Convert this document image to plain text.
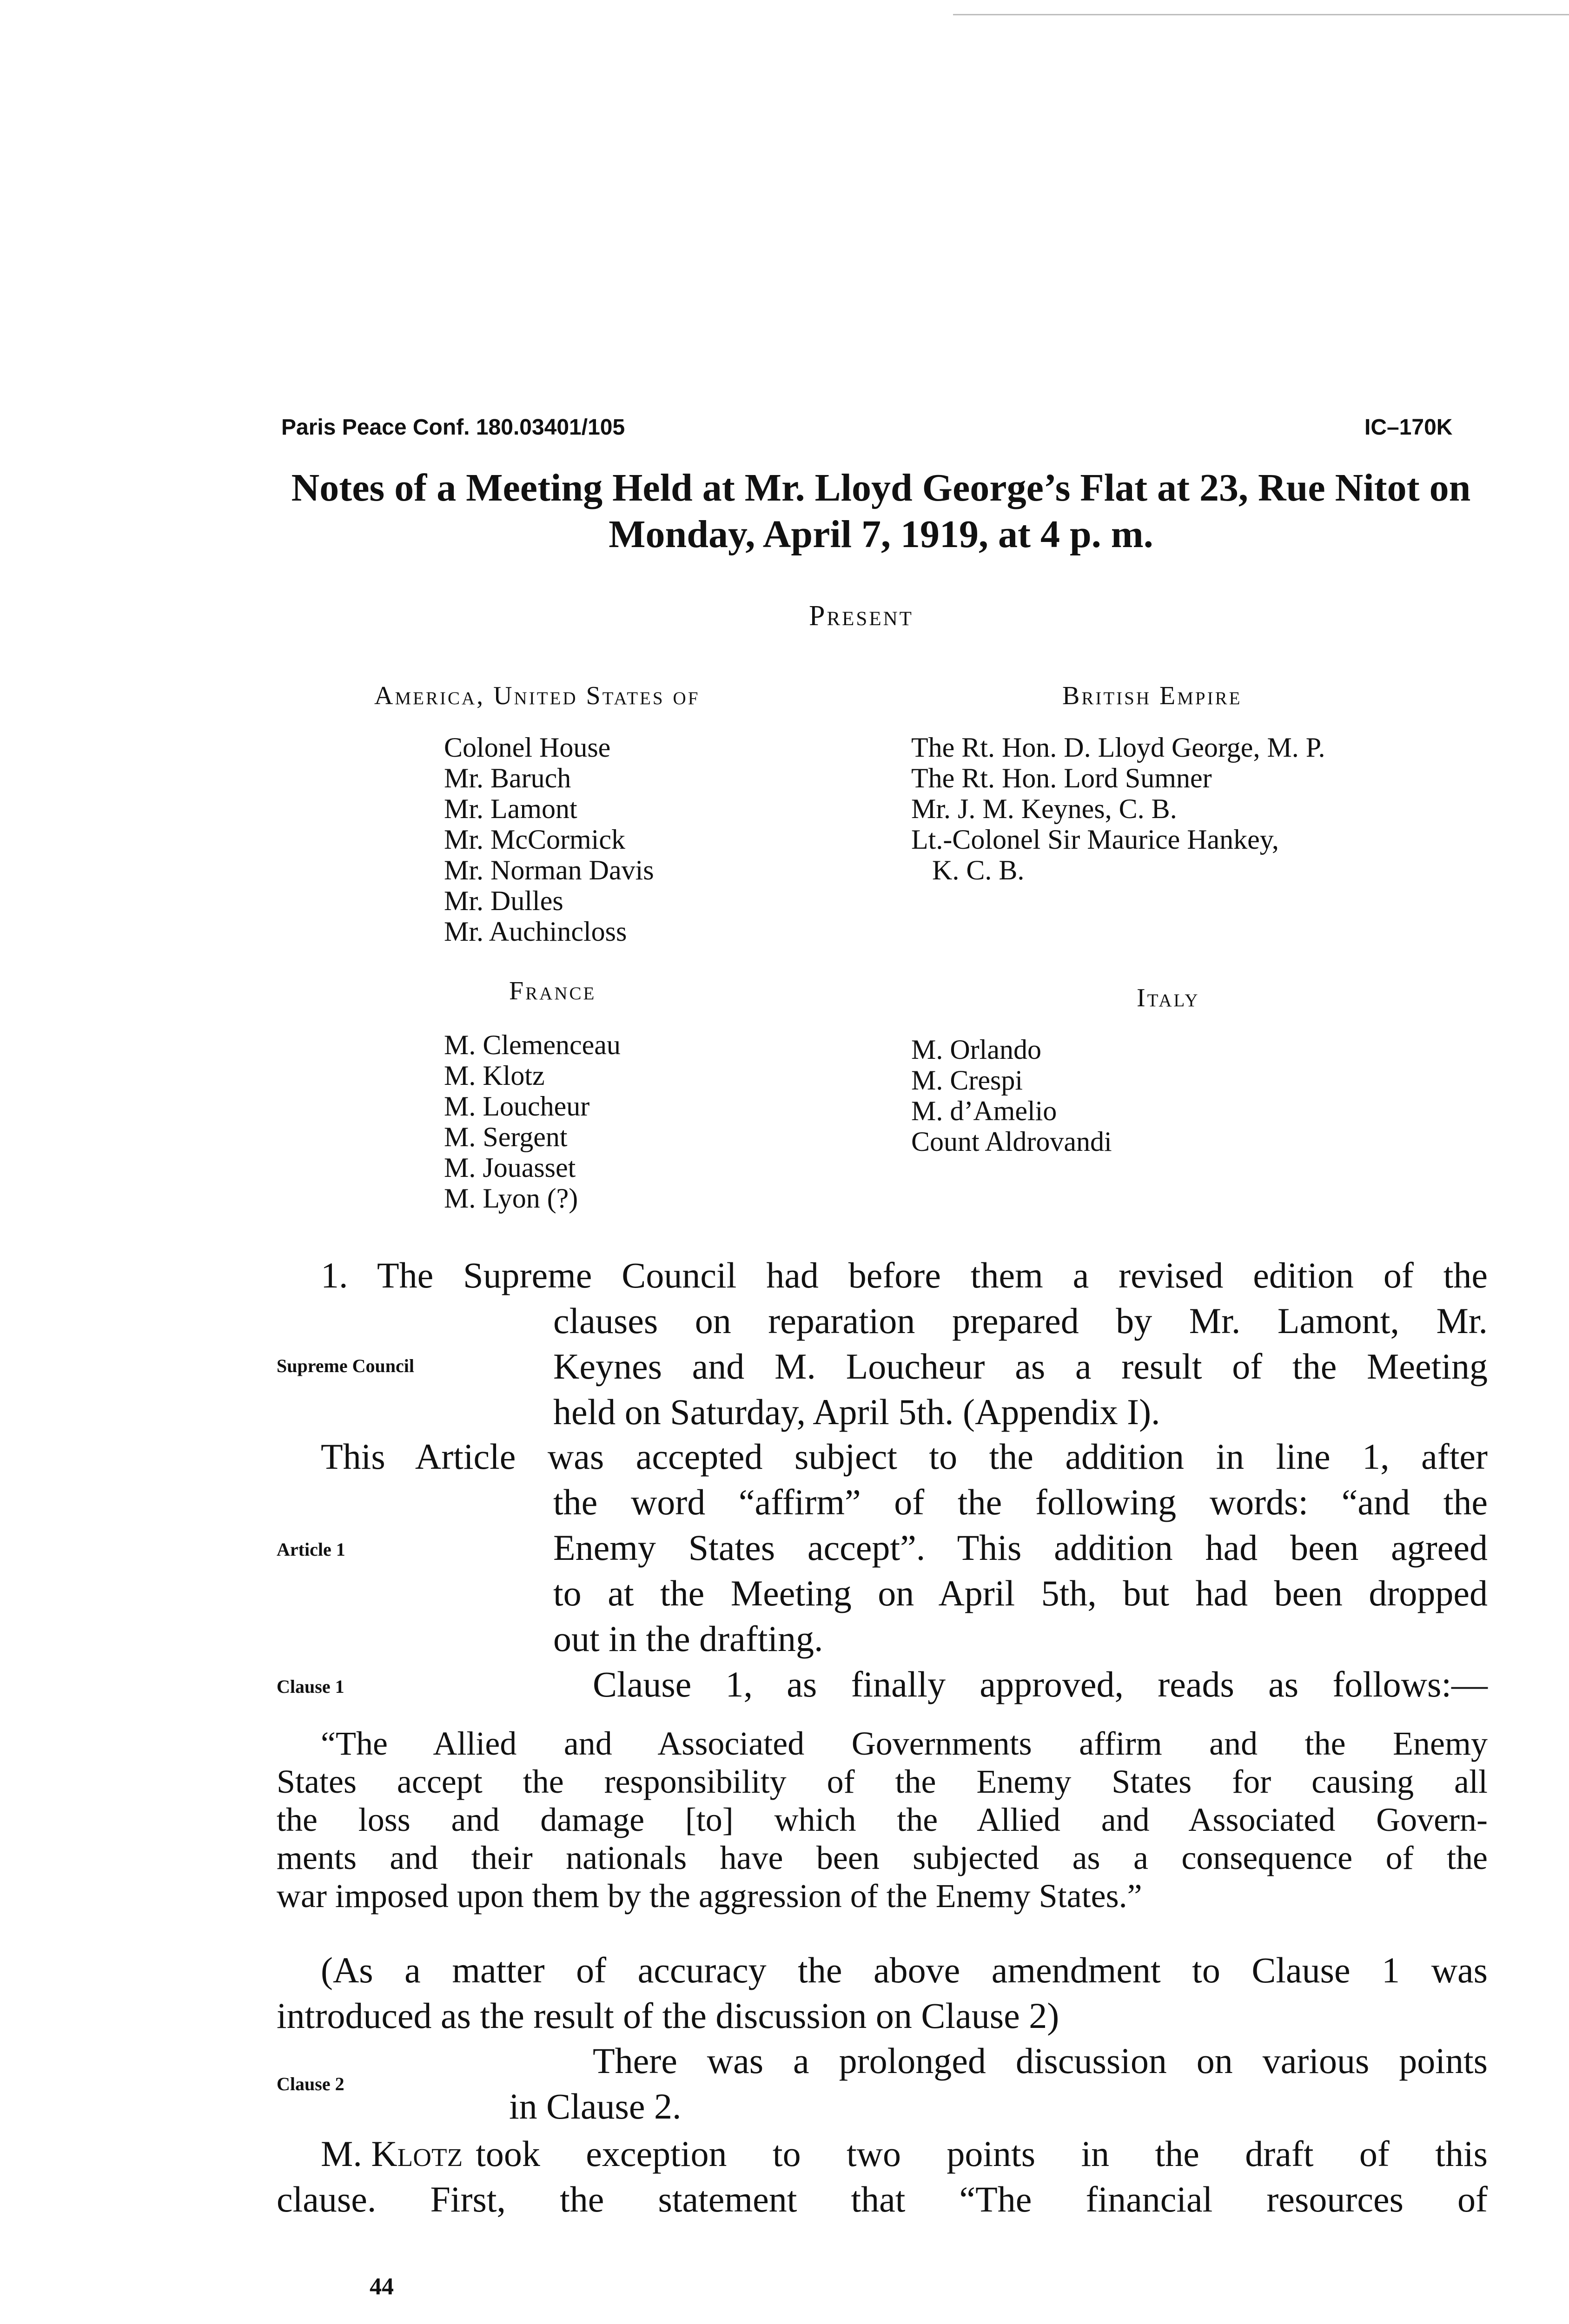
Paris Peace Conf. 180.03401/105	IC–170K
Notes of a Meeting Held at Mr. Lloyd George’s Flat at 23, Rue Nitot on Monday, April 7, 1919, at 4 p. m.
Present
America, United States of
Colonel House
Mr. Baruch
Mr. Lamont
Mr. McCormick
Mr. Norman Davis
Mr. Dulles
Mr. Auchincloss
British Empire
The Rt. Hon. D. Lloyd George, M. P.
The Rt. Hon. Lord Sumner
Mr. J. M. Keynes, C. B.
Lt.-Colonel Sir Maurice Hankey,
K. C. B.
France
M. Clemenceau
M. Klotz
M. Loucheur
M. Sergent
M. Jouasset
M. Lyon (?)
Italy
M. Orlando
M. Crespi
M. d’Amelio
Count Aldrovandi
Supreme Council
Article 1
Clause 1
Clause 2
1. The Supreme Council had before them a revised edition of the
clauses on reparation prepared by Mr. Lamont, Mr.
Keynes and M. Loucheur as a result of the Meeting
held on Saturday, April 5th. (Appendix I).
This Article was accepted subject to the addition in line 1, after
the word “affirm” of the following words: “and the
Enemy States accept”. This addition had been agreed
to at the Meeting on April 5th, but had been dropped
out in the drafting.
Clause 1, as finally approved, reads as follows:—
“The Allied and Associated Governments affirm and the Enemy
States accept the responsibility of the Enemy States for causing all
the loss and damage [to] which the Allied and Associated Govern-
ments and their nationals have been subjected as a consequence of the
war imposed upon them by the aggression of the Enemy States.”
(As a matter of accuracy the above amendment to Clause 1 was
introduced as the result of the discussion on Clause 2)
There was a prolonged discussion on various points
in Clause 2.
M. Klotz took exception to two points in the draft of this
clause. First, the statement that “The financial resources of
44
